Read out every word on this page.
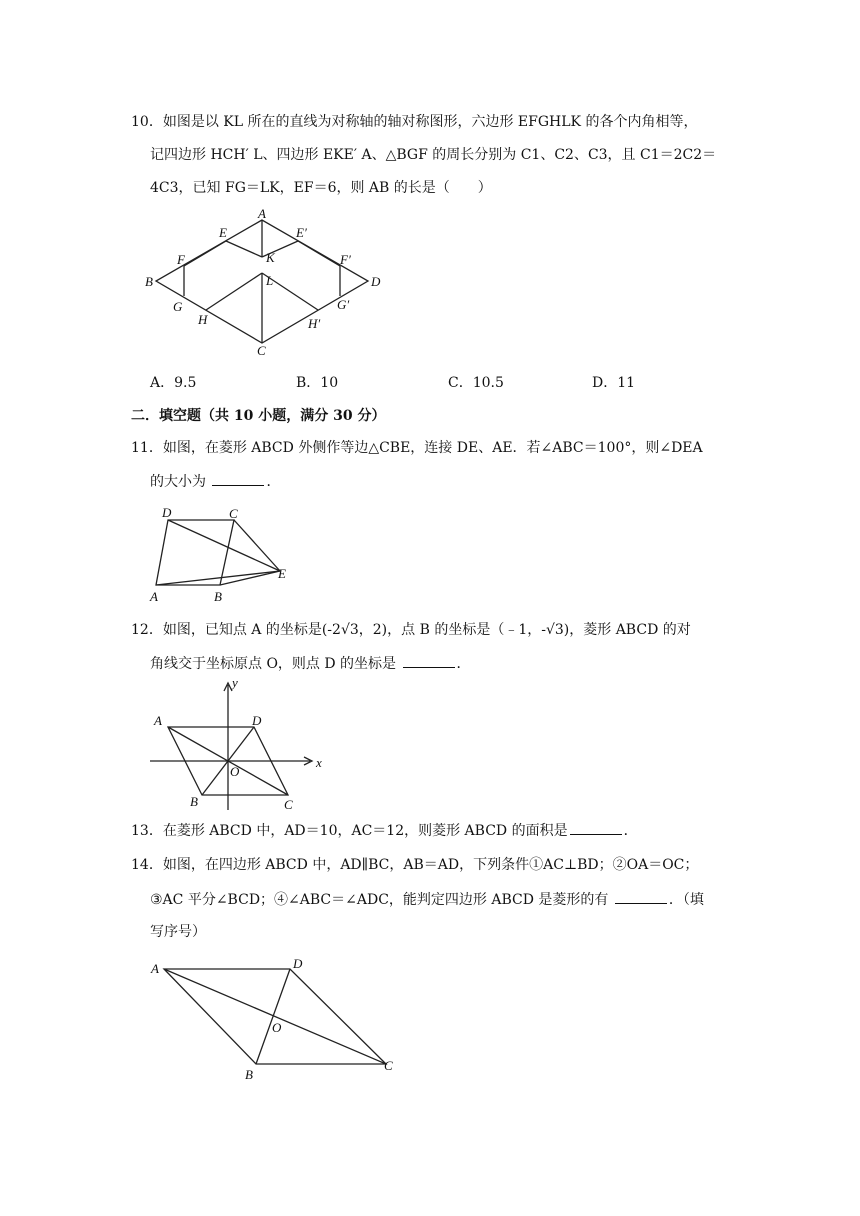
10．如图是以 KL 所在的直线为对称轴的轴对称图形，六边形 EFGHLK 的各个内角相等，
记四边形 HCH′ L、四边形 EKE′ A、△BGF 的周长分别为 C1、C2、C3，且 C1＝2C2＝
4C3，已知 FG＝LK，EF＝6，则 AB 的长是（　　）
A
E	E′
K
F	F′
L
B	D
G	G′
H	H′
C
A．9.5	B．10	C．10.5	D．11
二．填空题（共 10 小题，满分 30 分）
11．如图，在菱形 ABCD 外侧作等边△CBE，连接 DE、AE．若∠ABC＝100°，则∠DEA
的大小为	．
D	C
E
A	B
12．如图，已知点 A 的坐标是(-2√3，2)，点 B 的坐标是（﹣1，-√3)，菱形 ABCD 的对
角线交于坐标原点 O，则点 D 的坐标是	．
y
A	D
x
O
B	C
13．在菱形 ABCD 中，AD＝10，AC＝12，则菱形 ABCD 的面积是	．
14．如图，在四边形 ABCD 中，AD∥BC，AB＝AD，下列条件①AC⊥BD；②OA＝OC；
③AC 平分∠BCD；④∠ABC＝∠ADC，能判定四边形 ABCD 是菱形的有	．（填
写序号）
A	D
O
B
C
